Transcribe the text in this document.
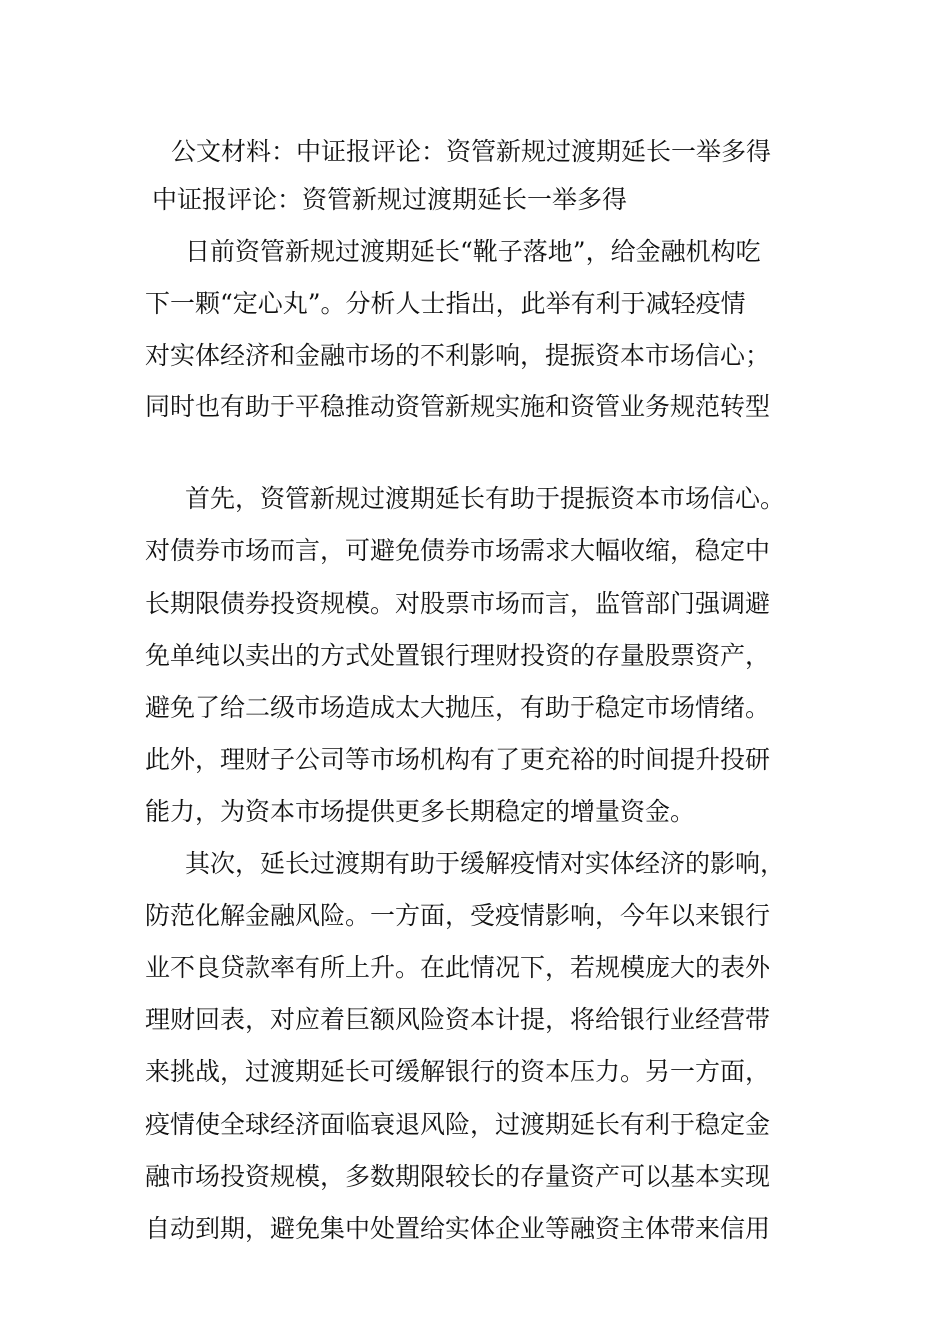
公文材料：中证报评论：资管新规过渡期延长一举多得
中证报评论：资管新规过渡期延长一举多得
日前资管新规过渡期延长“靴子落地”，给金融机构吃
下一颗“定心丸”。分析人士指出，此举有利于减轻疫情
对实体经济和金融市场的不利影响，提振资本市场信心；
同时也有助于平稳推动资管新规实施和资管业务规范转型
首先，资管新规过渡期延长有助于提振资本市场信心。
对债券市场而言，可避免债券市场需求大幅收缩，稳定中
长期限债券投资规模。对股票市场而言，监管部门强调避
免单纯以卖出的方式处置银行理财投资的存量股票资产，
避免了给二级市场造成太大抛压，有助于稳定市场情绪。
此外，理财子公司等市场机构有了更充裕的时间提升投研
能力，为资本市场提供更多长期稳定的增量资金。
其次，延长过渡期有助于缓解疫情对实体经济的影响，
防范化解金融风险。一方面，受疫情影响，今年以来银行
业不良贷款率有所上升。在此情况下，若规模庞大的表外
理财回表，对应着巨额风险资本计提，将给银行业经营带
来挑战，过渡期延长可缓解银行的资本压力。另一方面，
疫情使全球经济面临衰退风险，过渡期延长有利于稳定金
融市场投资规模，多数期限较长的存量资产可以基本实现
自动到期，避免集中处置给实体企业等融资主体带来信用
